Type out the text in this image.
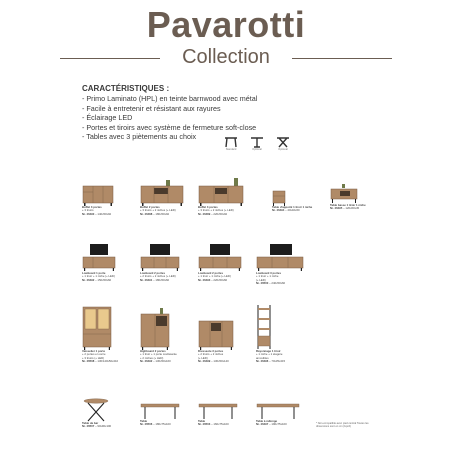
Pavarotti
Collection
CARACTÉRISTIQUES :
- Primo Laminato (HPL) en teinte barnwood avec métal
- Facile à entretenir et résistant aux rayures
- Éclairage LED
- Portes et tiroirs avec système de fermeture soft-close
- Tables avec 3 piètements au choix
Standard	Optional	Optional
Buffet 3 portes
+ 3 tiroirs
Nr. 46490 – 140x50x92
Buffet 2 portes
+ 3 tiroirs + 2 niches (+ LED)
Nr. 46488 – 180x50x92
Buffet 3 portes
+ 3 tiroirs + 2 niches (+ LED)
Nr. 46489 – 220x50x92
Table d'appoint 1 tiroir 1 niche
Nr. 46494 – 40x40x60
Table basse 1 tiroir 1 niche
Nr. 46495 – 120x60x45
Lowboard 1 porte
+ 1 tiroir + 1 niche (+ LED)
Nr. 46492 – 150x50x60
Lowboard 2 portes
+ 2 tiroirs + 2 niches (+ LED)
Nr. 46491 – 180x50x60
Lowboard 2 portes
+ 1 tiroir + 1 niche (+ LED)
Nr. 46493 – 220x50x60
Lowboard 3 portes
+ 1 tiroir + 1 niche
(+ LED)
Nr. 46500 – 240x50x60
Vaisselier 1 porte
+ 2 portes en verre
+ 3 tiroirs (+ LED)
Nr. 46508 – 130/140x50x210
Highboard 2 portes
+ 1 tiroir + 1 porte coulissante
+ 2 niches (+ LED)
Nr. 46492 – 130x50x160
Dresseote 3 portes
+ 2 tiroirs + 2 niches
(+ LED)
Nr. 46499 – 130x50x140
Rayonnage 1 tiroir
+ 1 niche + 1 étagère
amovibles
Nr. 46496 – 70x35x215
Table de bar
Nr. 46507 – 90x90x100
Table
Nr. 46506 – 180x75x100
Table
Nr. 46503 – 160x75x100
Table à rallonge
Nr. 46497 – 190x75x100	* Non-compatible avec pied central Toutes les dimensions sont en cm (lxpxh)
